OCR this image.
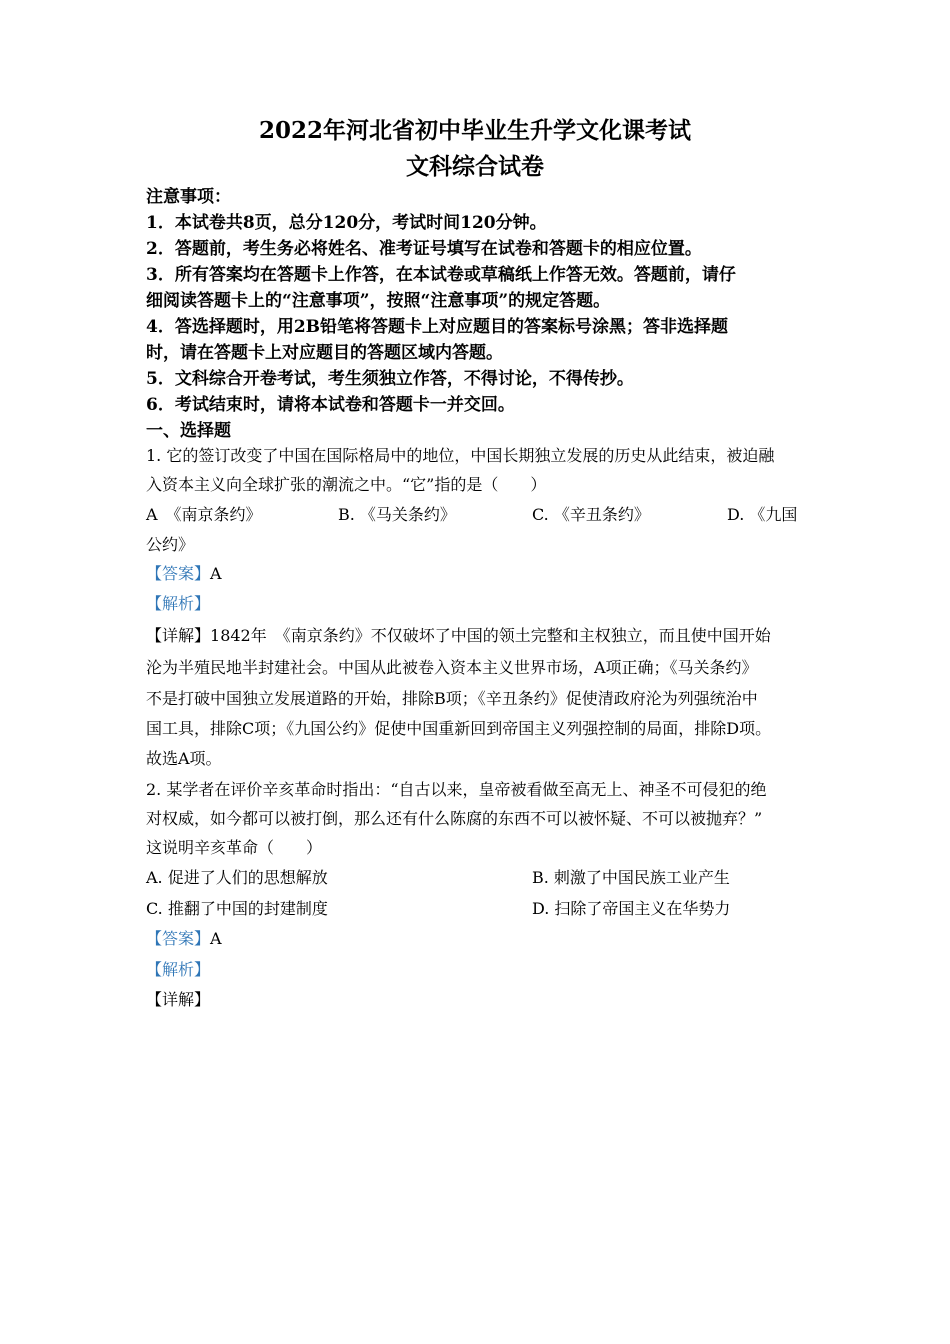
2022年河北省初中毕业生升学文化课考试
文科综合试卷
注意事项：
1．本试卷共8页，总分120分，考试时间120分钟。
2．答题前，考生务必将姓名、准考证号填写在试卷和答题卡的相应位置。
3．所有答案均在答题卡上作答，在本试卷或草稿纸上作答无效。答题前，请仔
细阅读答题卡上的“注意事项”，按照“注意事项”的规定答题。
4．答选择题时，用2B铅笔将答题卡上对应题目的答案标号涂黑；答非选择题
时，请在答题卡上对应题目的答题区域内答题。
5．文科综合开卷考试，考生须独立作答，不得讨论，不得传抄。
6．考试结束时，请将本试卷和答题卡一并交回。
一、选择题
1. 它的签订改变了中国在国际格局中的地位，中国长期独立发展的历史从此结束，被迫融
入资本主义向全球扩张的潮流之中。“它”指的是（　　）
A　《南京条约》	B. 《马关条约》	C. 《辛丑条约》	D. 《九国
公约》
【答案】A
【解析】
【详解】1842年　《南京条约》不仅破坏了中国的领土完整和主权独立，而且使中国开始
沦为半殖民地半封建社会。中国从此被卷入资本主义世界市场，A项正确；《马关条约》
不是打破中国独立发展道路的开始，排除B项；《辛丑条约》促使清政府沦为列强统治中
国工具，排除C项；《九国公约》促使中国重新回到帝国主义列强控制的局面，排除D项。
故选A项。
2. 某学者在评价辛亥革命时指出：“自古以来，皇帝被看做至高无上、神圣不可侵犯的绝
对权威，如今都可以被打倒，那么还有什么陈腐的东西不可以被怀疑、不可以被抛弃？”
这说明辛亥革命（　　）
A. 促进了人们的思想解放	B. 刺激了中国民族工业产生
C. 推翻了中国的封建制度	D. 扫除了帝国主义在华势力
【答案】A
【解析】
【详解】
